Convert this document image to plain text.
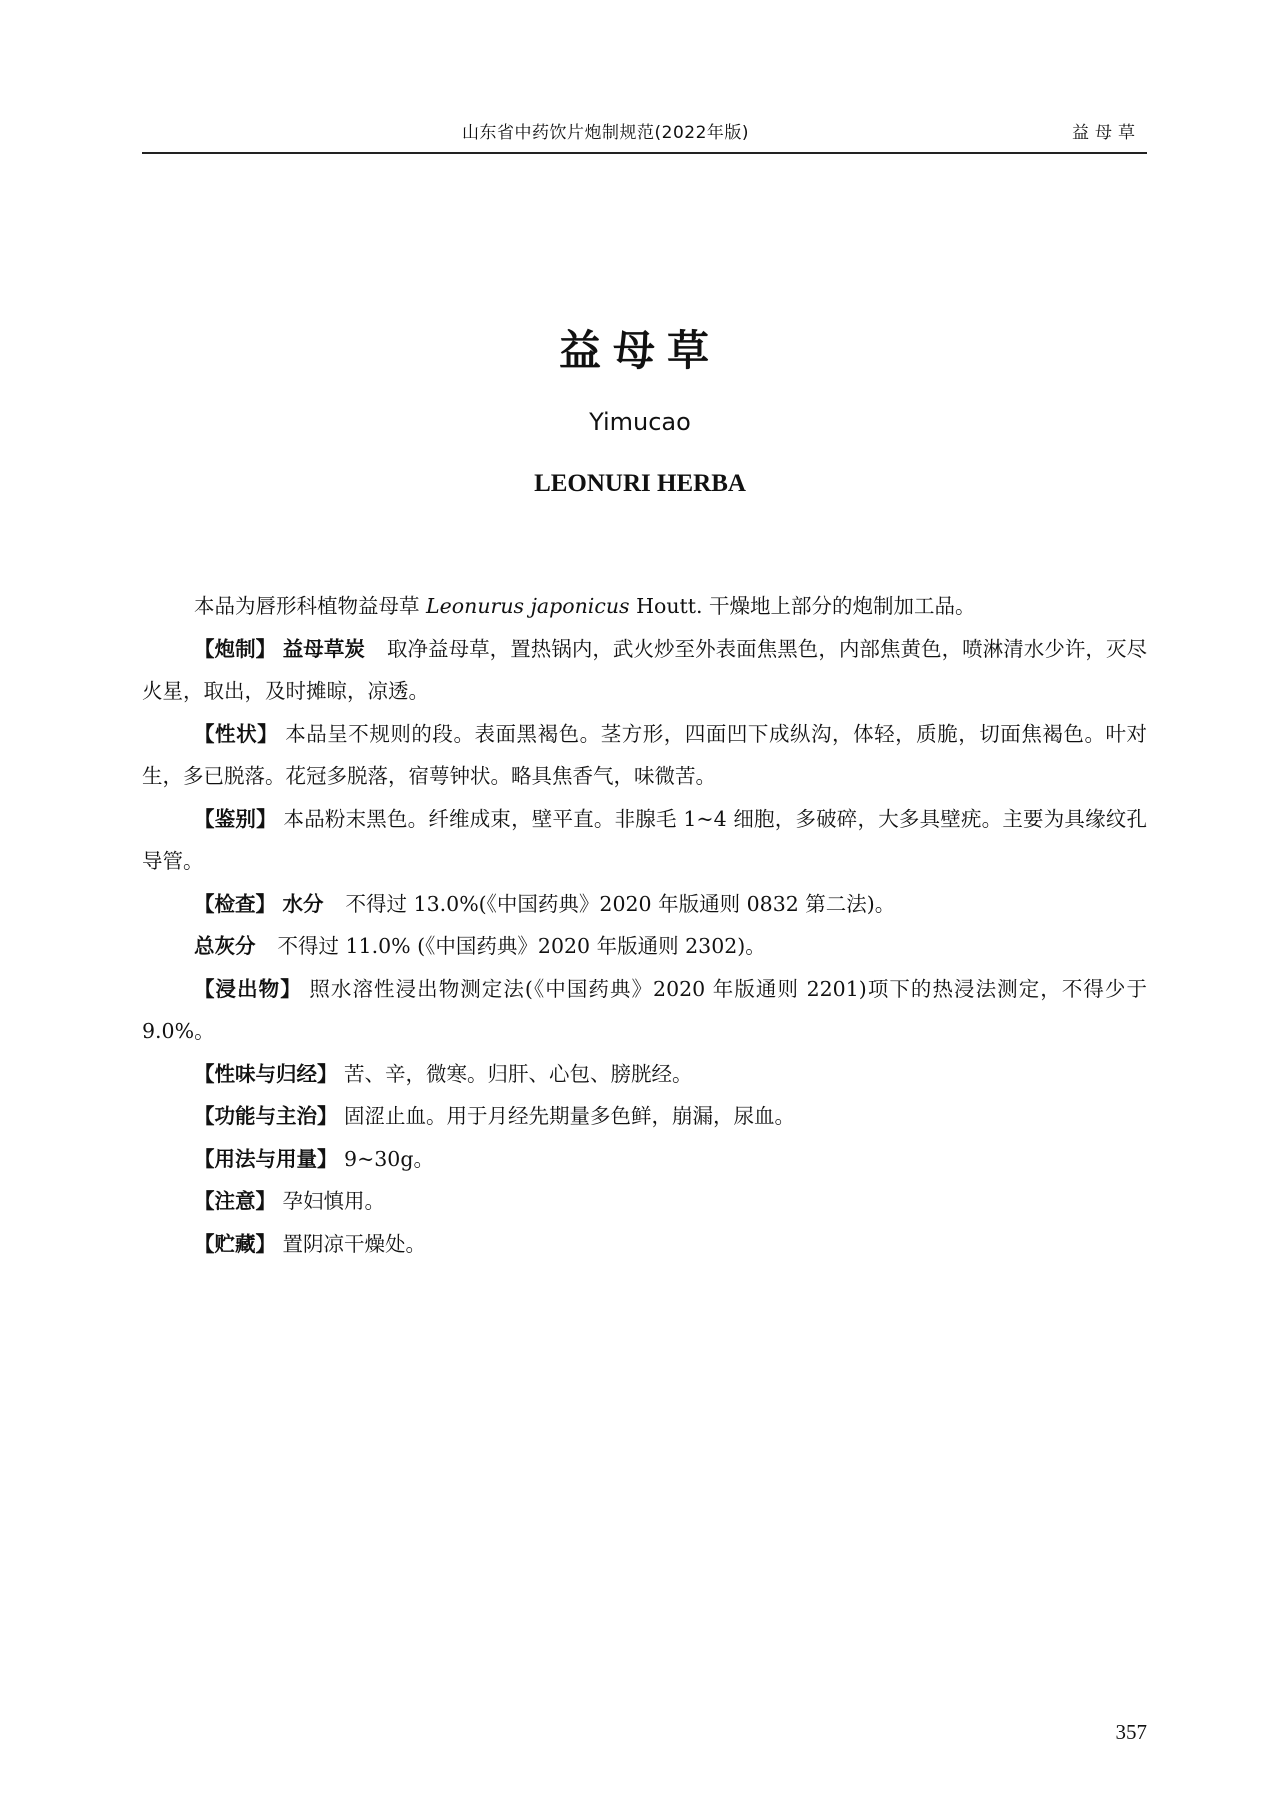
山东省中药饮片炮制规范(2022年版)	益母草
益母草
Yimucao
LEONURI HERBA

本品为唇形科植物益母草 Leonurus japonicus Houtt. 干燥地上部分的炮制加工品。

【炮制】 益母草炭 取净益母草，置热锅内，武火炒至外表面焦黑色，内部焦黄色，喷淋清水少许，灭尽火星，取出，及时摊晾，凉透。

【性状】 本品呈不规则的段。表面黑褐色。茎方形，四面凹下成纵沟，体轻，质脆，切面焦褐色。叶对生，多已脱落。花冠多脱落，宿萼钟状。略具焦香气，味微苦。

【鉴别】 本品粉末黑色。纤维成束，壁平直。非腺毛 1~4 细胞，多破碎，大多具壁疣。主要为具缘纹孔导管。

【检查】 水分 不得过 13.0%(《中国药典》2020 年版通则 0832 第二法)。

总灰分 不得过 11.0% (《中国药典》2020 年版通则 2302)。

【浸出物】 照水溶性浸出物测定法(《中国药典》2020 年版通则 2201)项下的热浸法测定，不得少于 9.0%。

【性味与归经】 苦、辛，微寒。归肝、心包、膀胱经。

【功能与主治】 固涩止血。用于月经先期量多色鲜，崩漏，尿血。

【用法与用量】 9~30g。

【注意】 孕妇慎用。

【贮藏】 置阴凉干燥处。

357
